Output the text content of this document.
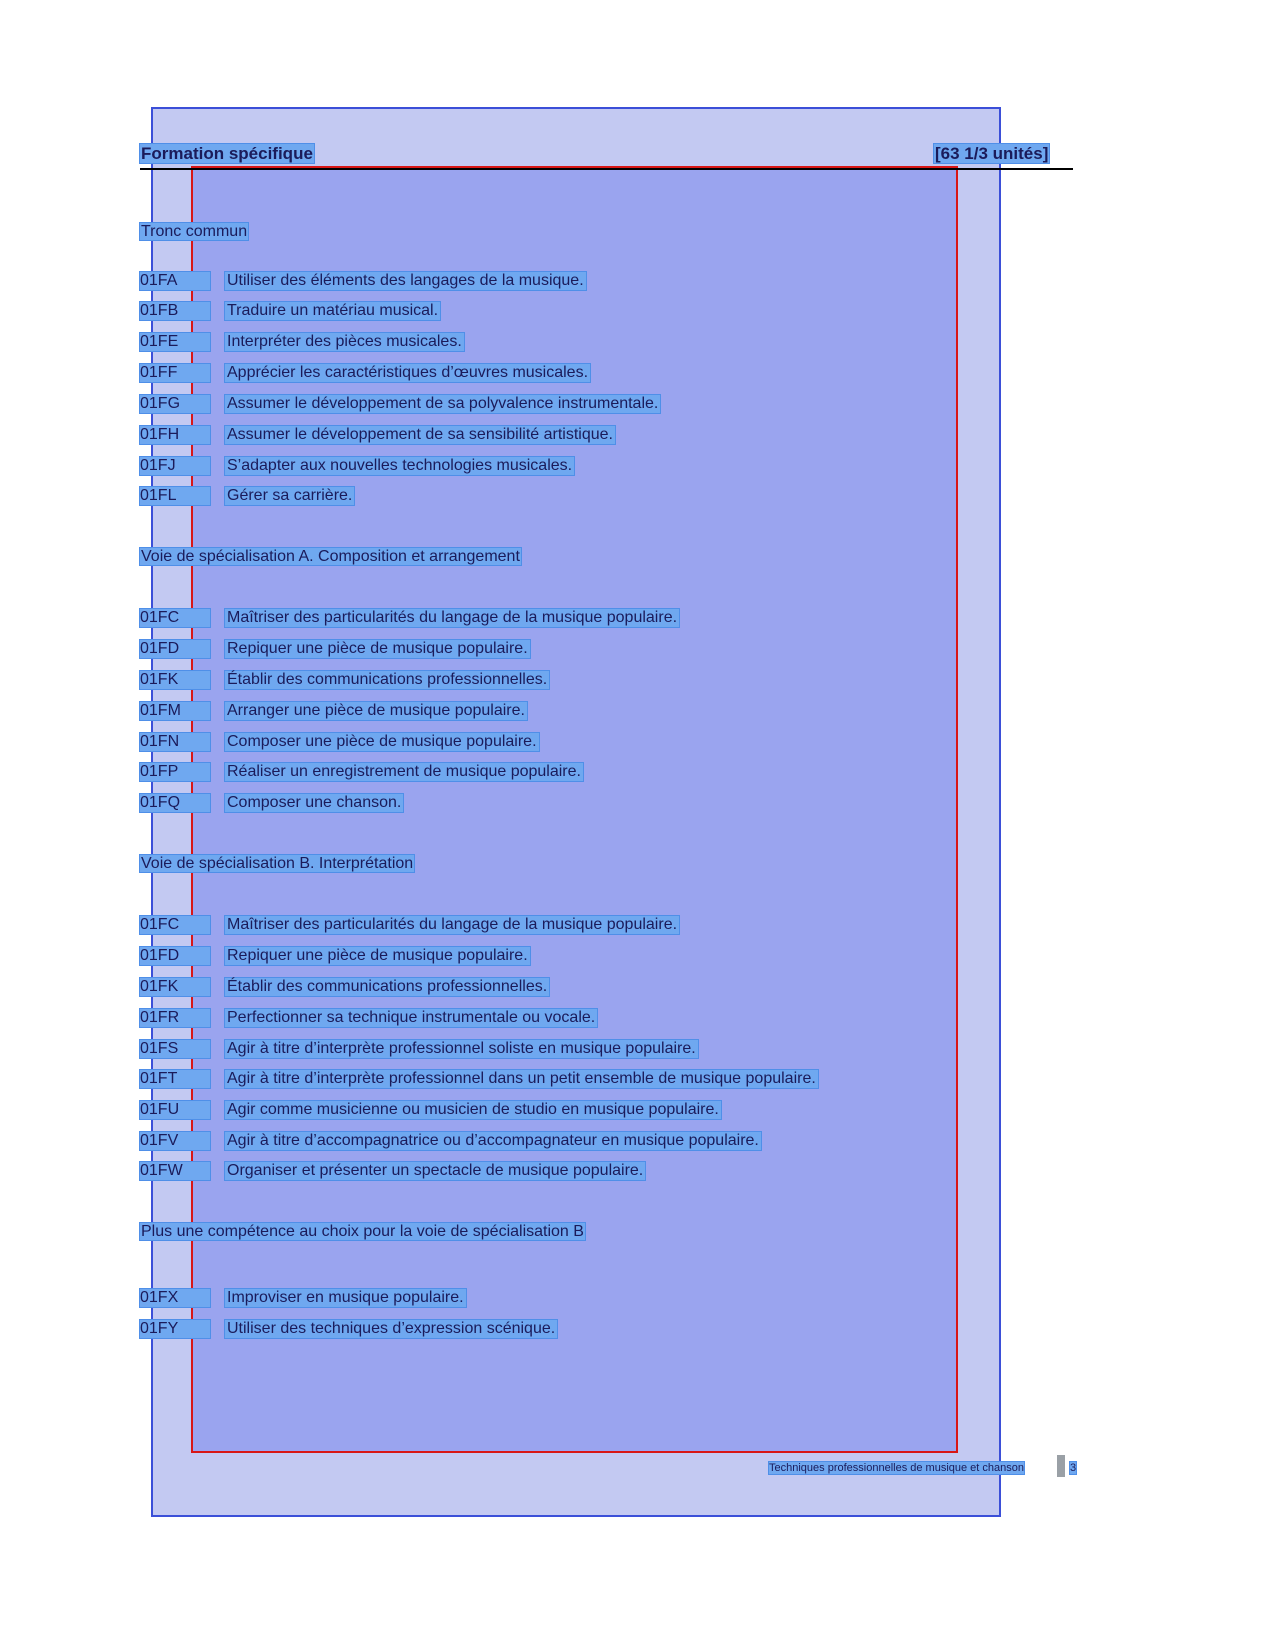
Formation spécifique	[63 1/3 unités]
Tronc commun
01FA	Utiliser des éléments des langages de la musique.
01FB	Traduire un matériau musical.
01FE	Interpréter des pièces musicales.
01FF	Apprécier les caractéristiques d’œuvres musicales.
01FG	Assumer le développement de sa polyvalence instrumentale.
01FH	Assumer le développement de sa sensibilité artistique.
01FJ	S’adapter aux nouvelles technologies musicales.
01FL	Gérer sa carrière.
Voie de spécialisation A. Composition et arrangement
01FC	Maîtriser des particularités du langage de la musique populaire.
01FD	Repiquer une pièce de musique populaire.
01FK	Établir des communications professionnelles.
01FM	Arranger une pièce de musique populaire.
01FN	Composer une pièce de musique populaire.
01FP	Réaliser un enregistrement de musique populaire.
01FQ	Composer une chanson.
Voie de spécialisation B. Interprétation
01FC	Maîtriser des particularités du langage de la musique populaire.
01FD	Repiquer une pièce de musique populaire.
01FK	Établir des communications professionnelles.
01FR	Perfectionner sa technique instrumentale ou vocale.
01FS	Agir à titre d’interprète professionnel soliste en musique populaire.
01FT	Agir à titre d’interprète professionnel dans un petit ensemble de musique populaire.
01FU	Agir comme musicienne ou musicien de studio en musique populaire.
01FV	Agir à titre d’accompagnatrice ou d’accompagnateur en musique populaire.
01FW	Organiser et présenter un spectacle de musique populaire.
Plus une compétence au choix pour la voie de spécialisation B
01FX	Improviser en musique populaire.
01FY	Utiliser des techniques d’expression scénique.
Techniques professionnelles de musique et chanson	3
